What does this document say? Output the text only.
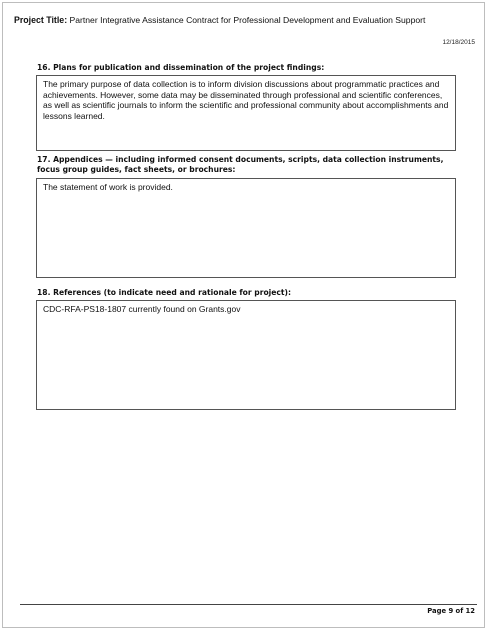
Project Title: Partner Integrative Assistance Contract for Professional Development and Evaluation Support
12/18/2015
16. Plans for publication and dissemination of the project findings:
The primary purpose of data collection is to inform division discussions about programmatic practices and achievements. However, some data may be disseminated through professional and scientific conferences, as well as scientific journals to inform the scientific and professional community about accomplishments and lessons learned.
17. Appendices — including informed consent documents, scripts, data collection instruments, focus group guides, fact sheets, or brochures:
The statement of work is provided.
18. References (to indicate need and rationale for project):
CDC-RFA-PS18-1807 currently found on Grants.gov
Page 9 of 12
